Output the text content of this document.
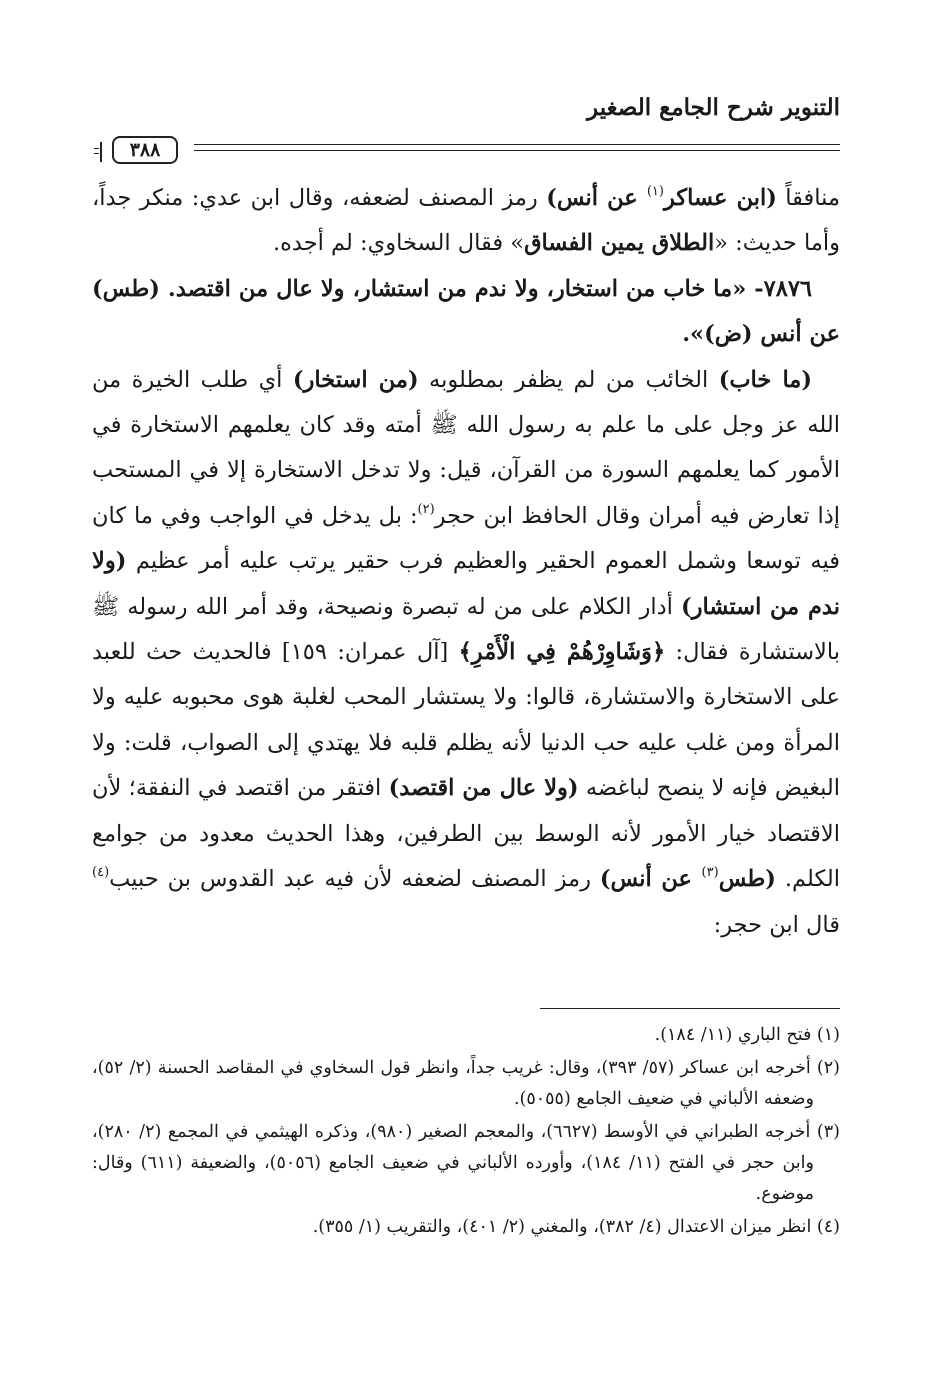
التنوير شرح الجامع الصغير
٣٨٨

منافقاً (ابن عساكر$^{(١)}$ عن أنس) رمز المصنف لضعفه، وقال ابن عدي: منكر جداً، وأما حديث: «الطلاق يمين الفساق» فقال السخاوي: لم أجده.

٧٨٧٦- «ما خاب من استخار، ولا ندم من استشار، ولا عال من اقتصد. (طس) عن أنس (ض)».

(ما خاب) الخائب من لم يظفر بمطلوبه (من استخار) أي طلب الخيرة من الله عز وجل على ما علم به رسول الله ﷺ أمته وقد كان يعلمهم الاستخارة في الأمور كما يعلمهم السورة من القرآن، قيل: ولا تدخل الاستخارة إلا في المستحب إذا تعارض فيه أمران وقال الحافظ ابن حجر$^{(٢)}$: بل يدخل في الواجب وفي ما كان فيه توسعا وشمل العموم الحقير والعظيم فرب حقير يرتب عليه أمر عظيم (ولا ندم من استشار) أدار الكلام على من له تبصرة ونصيحة، وقد أمر الله رسوله ﷺ بالاستشارة فقال: ﴿وَشَاوِرْهُمْ فِي الْأَمْرِ﴾ [آل عمران: ١٥٩] فالحديث حث للعبد على الاستخارة والاستشارة، قالوا: ولا يستشار المحب لغلبة هوى محبوبه عليه ولا المرأة ومن غلب عليه حب الدنيا لأنه يظلم قلبه فلا يهتدي إلى الصواب، قلت: ولا البغيض فإنه لا ينصح لباغضه (ولا عال من اقتصد) افتقر من اقتصد في النفقة؛ لأن الاقتصاد خيار الأمور لأنه الوسط بين الطرفين، وهذا الحديث معدود من جوامع الكلم. (طس$^{(٣)}$ عن أنس) رمز المصنف لضعفه لأن فيه عبد القدوس بن حبيب$^{(٤)}$ قال ابن حجر:

(١) فتح الباري (١١/ ١٨٤).

(٢) أخرجه ابن عساكر (٥٧/ ٣٩٣)، وقال: غريب جداً، وانظر قول السخاوي في المقاصد الحسنة (٢/ ٥٢)، وضعفه الألباني في ضعيف الجامع (٥٠٥٥).

(٣) أخرجه الطبراني في الأوسط (٦٦٢٧)، والمعجم الصغير (٩٨٠)، وذكره الهيثمي في المجمع (٢/ ٢٨٠)، وابن حجر في الفتح (١١/ ١٨٤)، وأورده الألباني في ضعيف الجامع (٥٠٥٦)، والضعيفة (٦١١) وقال: موضوع.

(٤) انظر ميزان الاعتدال (٤/ ٣٨٢)، والمغني (٢/ ٤٠١)، والتقريب (١/ ٣٥٥).
